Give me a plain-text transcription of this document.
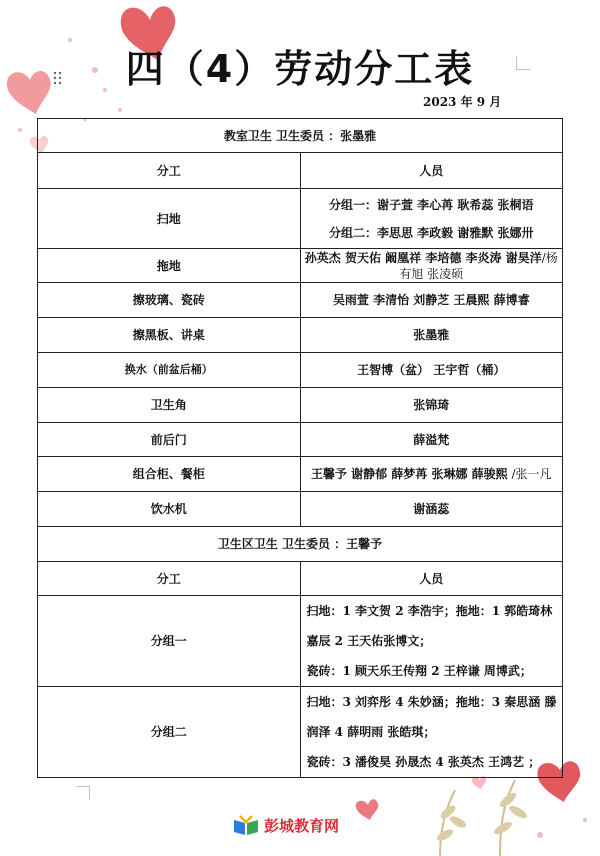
四（4）劳动分工表
2023 年 9 月
教室卫生 卫生委员 ：张墨雅	
分工	人员
扫地	分组一：谢子萱 李心苒 耿希蕊 张桐语
分组二：李思思 李政毅 谢雅默 张娜卅

拖地	孙英杰 贺天佑 阚凰祥 李培德 李炎涛 谢昊洋/杨有旭 张凌硕
擦玻璃、瓷砖	吴雨萱 李清怡 刘静芝 王晨熙 薛博睿
擦黑板、讲桌	张墨雅
换水（前盆后桶）	王智博（盆） 王宇哲（桶）
卫生角	张锦琦
前后门	薛溢梵
组合柜、餐柜	王馨予 谢静郁 薛梦苒 张琳娜 薛骏熙 /张一凡
饮水机	谢涵蕊
卫生区卫生 卫生委员 ：王馨予	
分工	人员
分组一	扫地：1 李文贺 2 李浩宇；拖地：1 郭皓琦林嘉辰 2 王天佑张博文；
瓷砖：1 顾天乐王传翔 2 王梓谦 周博武；

分组二	扫地：3 刘弈彤 4 朱妙涵；拖地：3 秦思涵 滕润泽 4 薛明雨 张皓琪；
瓷砖：3 潘俊昊 孙晟杰 4 张英杰 王鸿艺 ；
彭城教育网
